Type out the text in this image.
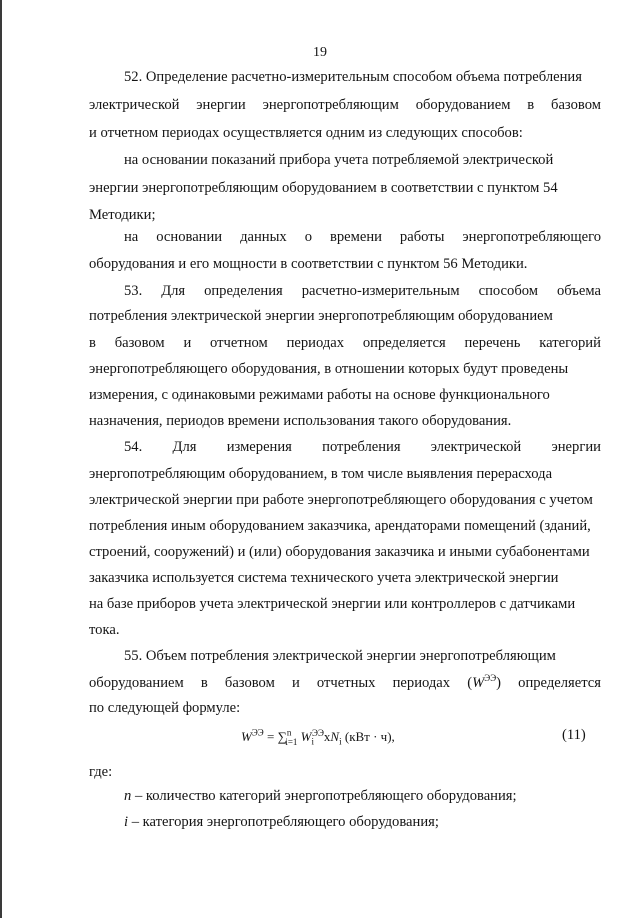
19
52. Определение расчетно-измерительным способом объема потребления
электрической энергии энергопотребляющим оборудованием в базовом
и отчетном периодах осуществляется одним из следующих способов:
на основании показаний прибора учета потребляемой электрической
энергии энергопотребляющим оборудованием в соответствии с пунктом 54
Методики;
на основании данных о времени работы энергопотребляющего
оборудования и его мощности в соответствии с пунктом 56 Методики.
53. Для определения расчетно-измерительным способом объема
потребления электрической энергии энергопотребляющим оборудованием
в базовом и отчетном периодах определяется перечень категорий
энергопотребляющего оборудования, в отношении которых будут проведены
измерения, с одинаковыми режимами работы на основе функционального
назначения, периодов времени использования такого оборудования.
54. Для измерения потребления электрической энергии
энергопотребляющим оборудованием, в том числе выявления перерасхода
электрической энергии при работе энергопотребляющего оборудования с учетом
потребления иным оборудованием заказчика, арендаторами помещений (зданий,
строений, сооружений) и (или) оборудования заказчика и иными субабонентами
заказчика используется система технического учета электрической энергии
на базе приборов учета электрической энергии или контроллеров с датчиками
тока.
55. Объем потребления электрической энергии энергопотребляющим
оборудованием в базовом и отчетных периодах $(W^{ЭЭ})$ определяется
по следующей формуле:
$W^{ЭЭ} = \sum^n_{i=1}$ $W_i^{ЭЭ}xN_i$ (кВт · ч),	(11)
где:
n – количество категорий энергопотребляющего оборудования;
i – категория энергопотребляющего оборудования;
